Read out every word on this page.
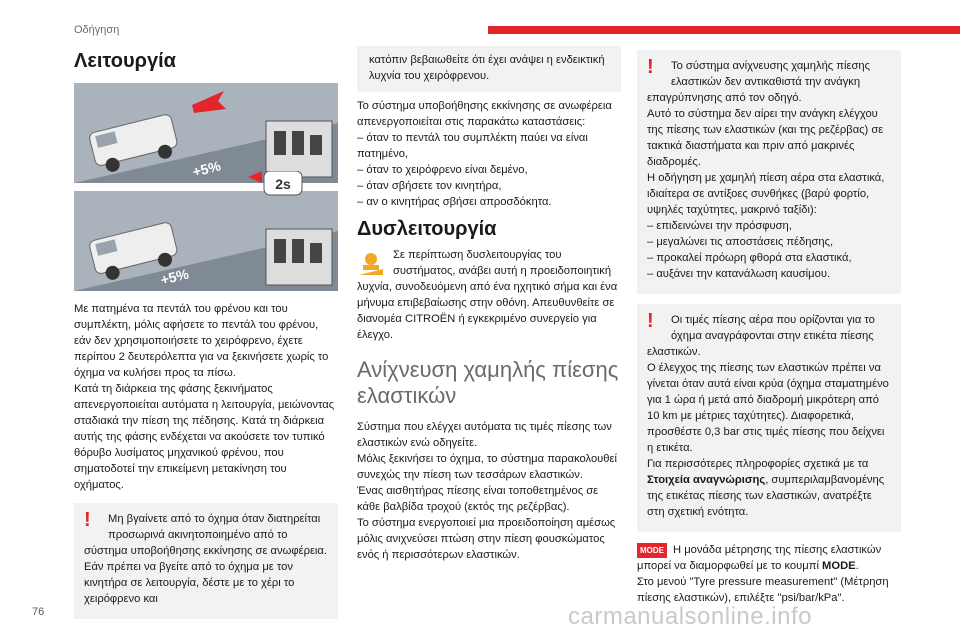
Οδήγηση
Λειτουργία
+5%
+5%
2s

Με πατημένα τα πεντάλ του φρένου και του συμπλέκτη, μόλις αφήσετε το πεντάλ του φρένου, εάν δεν χρησιμοποιήσετε το χειρόφρενο, έχετε περίπου 2 δευτερόλεπτα για να ξεκινήσετε χωρίς το όχημα να κυλήσει προς τα πίσω.

Κατά τη διάρκεια της φάσης ξεκινήματος απενεργοποιείται αυτόματα η λειτουργία, μειώνοντας σταδιακά την πίεση της πέδησης. Κατά τη διάρκεια αυτής της φάσης ενδέχεται να ακούσετε τον τυπικό θόρυβο λυσίματος μηχανικού φρένου, που σηματοδοτεί την επικείμενη μετακίνηση του οχήματος.

!	Μη βγαίνετε από το όχημα όταν διατηρείται προσωρινά ακινητοποιημένο από το σύστημα υποβοήθησης εκκίνησης σε ανωφέρεια.

Εάν πρέπει να βγείτε από το όχημα με τον κινητήρα σε λειτουργία, δέστε με το χέρι το χειρόφρενο και

κατόπιν βεβαιωθείτε ότι έχει ανάψει η ενδεικτική λυχνία του χειρόφρενου.

Το σύστημα υποβοήθησης εκκίνησης σε ανωφέρεια απενεργοποιείται στις παρακάτω καταστάσεις:

– όταν το πεντάλ του συμπλέκτη παύει να είναι πατημένο,
– όταν το χειρόφρενο είναι δεμένο,
– όταν σβήσετε τον κινητήρα,
– αν ο κινητήρας σβήσει απροσδόκητα.
Δυσλειτουργία

Σε περίπτωση δυσλειτουργίας του συστήματος, ανάβει αυτή η προειδοποιητική λυχνία, συνοδευόμενη από ένα ηχητικό σήμα και ένα μήνυμα επιβεβαίωσης στην οθόνη. Απευθυνθείτε σε διανομέα CITROËN ή εγκεκριμένο συνεργείο για έλεγχο.

Ανίχνευση χαμηλής πίεσης ελαστικών

Σύστημα που ελέγχει αυτόματα τις τιμές πίεσης των ελαστικών ενώ οδηγείτε.

Μόλις ξεκινήσει το όχημα, το σύστημα παρακολουθεί συνεχώς την πίεση των τεσσάρων ελαστικών.

Ένας αισθητήρας πίεσης είναι τοποθετημένος σε κάθε βαλβίδα τροχού (εκτός της ρεζέρβας).

Το σύστημα ενεργοποιεί μια προειδοποίηση αμέσως μόλις ανιχνεύσει πτώση στην πίεση φουσκώματος ενός ή περισσότερων ελαστικών.

!	Το σύστημα ανίχνευσης χαμηλής πίεσης ελαστικών δεν αντικαθιστά την ανάγκη επαγρύπνησης από τον οδηγό.

Αυτό το σύστημα δεν αίρει την ανάγκη ελέγχου της πίεσης των ελαστικών (και της ρεζέρβας) σε τακτικά διαστήματα και πριν από μακρινές διαδρομές.

Η οδήγηση με χαμηλή πίεση αέρα στα ελαστικά, ιδιαίτερα σε αντίξοες συνθήκες (βαρύ φορτίο, υψηλές ταχύτητες, μακρινό ταξίδι):

– επιδεινώνει την πρόσφυση,
– μεγαλώνει τις αποστάσεις πέδησης,
– προκαλεί πρόωρη φθορά στα ελαστικά,
– αυξάνει την κατανάλωση καυσίμου.
!	Οι τιμές πίεσης αέρα που ορίζονται για το όχημα αναγράφονται στην ετικέτα πίεσης ελαστικών.

Ο έλεγχος της πίεσης των ελαστικών πρέπει να γίνεται όταν αυτά είναι κρύα (όχημα σταματημένο για 1 ώρα ή μετά από διαδρομή μικρότερη από 10 km με μέτριες ταχύτητες). Διαφορετικά, προσθέστε 0,3 bar στις τιμές πίεσης που δείχνει η ετικέτα.

Για περισσότερες πληροφορίες σχετικά με τα Στοιχεία αναγνώρισης, συμπεριλαμβανομένης της ετικέτας πίεσης των ελαστικών, ανατρέξτε στη σχετική ενότητα.

MODE Η μονάδα μέτρησης της πίεσης ελαστικών μπορεί να διαμορφωθεί με το κουμπί MODE.

Στο μενού "Tyre pressure measurement" (Μέτρηση πίεσης ελαστικών), επιλέξτε "psi/bar/kPa".

76	carmanualsonline.info
